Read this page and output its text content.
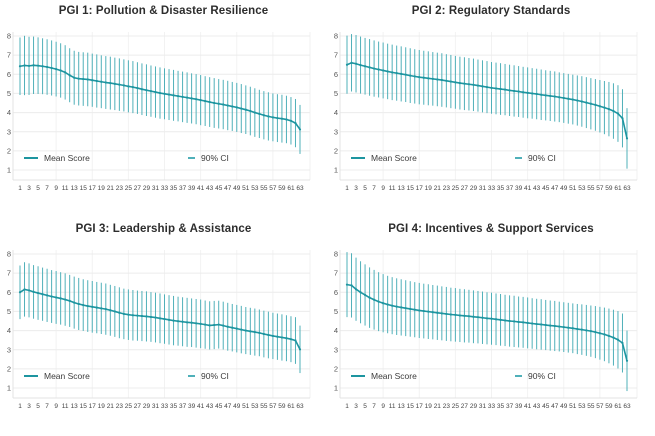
PGI 1: Pollution & Disaster Resilience
8
7
6
5
4
3
2
1
1 3 5 7 9 11 13 15 17 19 21 23 25 27 29 31 33 35 37 39 41 43 45 47 49 51 53 55 57 59 61 63
Mean Score	90% CI
PGI 2: Regulatory Standards
8
7
6
5
4
3
2
1
1 3 5 7 9 11 13 15 17 19 21 23 25 27 29 31 33 35 37 39 41 43 45 47 49 51 53 55 57 59 61 63
Mean Score	90% CI
PGI 3: Leadership & Assistance
8
7
6
5
4
3
2
1
1 3 5 7 9 11 13 15 17 19 21 23 25 27 29 31 33 35 37 39 41 43 45 47 49 51 53 55 57 59 61 63
Mean Score	90% CI
PGI 4: Incentives & Support Services
8
7
6
5
4
3
2
1
1 3 5 7 9 11 13 15 17 19 21 23 25 27 29 31 33 35 37 39 41 43 45 47 49 51 53 55 57 59 61 63
Mean Score	90% CI
